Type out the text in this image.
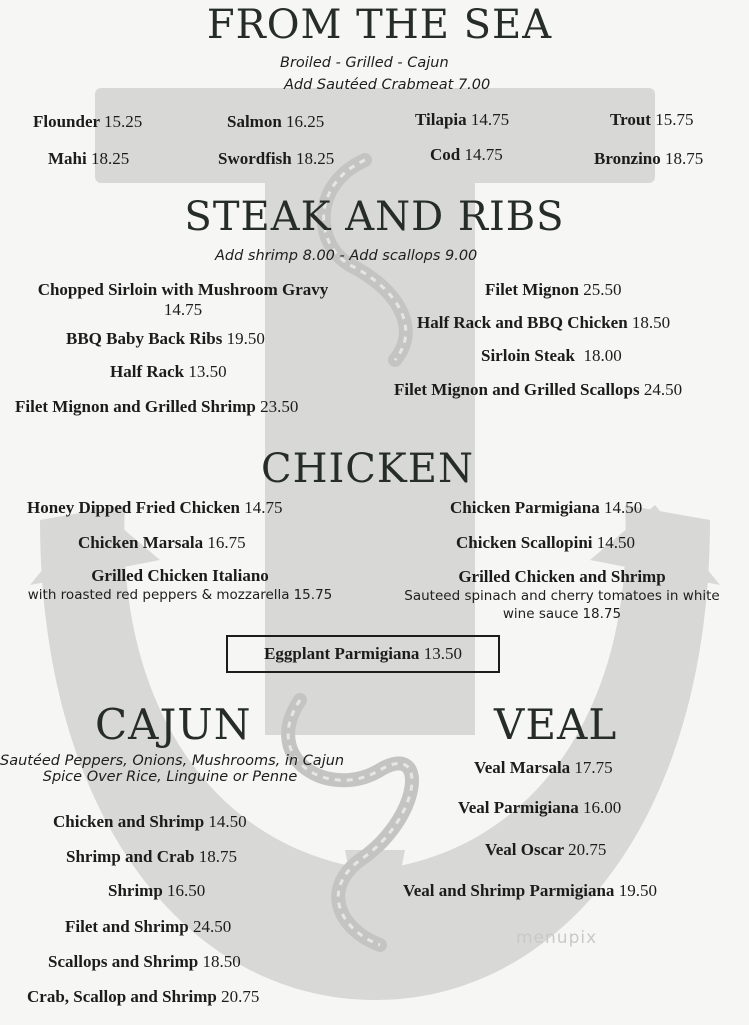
FROM THE SEA
Broiled - Grilled - Cajun
Add Sautéed Crabmeat 7.00
Flounder 15.25	Salmon 16.25	Tilapia 14.75	Trout 15.75
Mahi 18.25	Swordfish 18.25	Cod 14.75	Bronzino 18.75
STEAK AND RIBS
Add shrimp 8.00 - Add scallops 9.00
Chopped Sirloin with Mushroom Gravy
14.75
BBQ Baby Back Ribs 19.50
Half Rack 13.50
Filet Mignon and Grilled Shrimp 23.50
Filet Mignon 25.50
Half Rack and BBQ Chicken 18.50
Sirloin Steak 18.00
Filet Mignon and Grilled Scallops 24.50
CHICKEN
Honey Dipped Fried Chicken 14.75
Chicken Marsala 16.75
Grilled Chicken Italiano
with roasted red peppers & mozzarella 15.75
Chicken Parmigiana 14.50
Chicken Scallopini 14.50
Grilled Chicken and Shrimp
Sauteed spinach and cherry tomatoes in white
wine sauce 18.75
Eggplant Parmigiana 13.50
CAJUN
Sautéed Peppers, Onions, Mushrooms, in Cajun
Spice Over Rice, Linguine or Penne
Chicken and Shrimp 14.50
Shrimp and Crab 18.75
Shrimp 16.50
Filet and Shrimp 24.50
Scallops and Shrimp 18.50
Crab, Scallop and Shrimp 20.75
VEAL
Veal Marsala 17.75
Veal Parmigiana 16.00
Veal Oscar 20.75
Veal and Shrimp Parmigiana 19.50
menupix
